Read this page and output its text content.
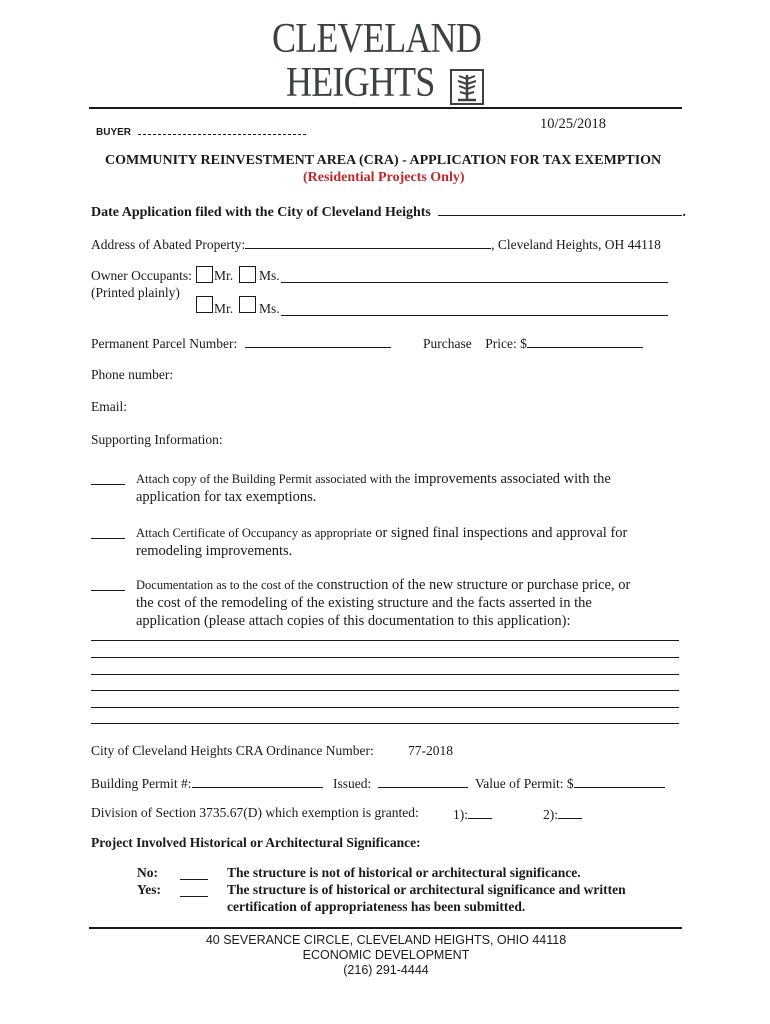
CLEVELAND
HEIGHTS
10/25/2018
BUYER
COMMUNITY REINVESTMENT AREA (CRA) - APPLICATION FOR TAX EXEMPTION
(Residential Projects Only)
Date Application filed with the City of Cleveland Heights	.
Address of Abated Property:	, Cleveland Heights, OH 44118
Owner Occupants:
(Printed plainly)
Mr. Ms.
Mr. Ms.
Permanent Parcel Number:	Purchase Price: $
Phone number:
Email:
Supporting Information:
Attach copy of the Building Permit associated with the improvements associated with the
application for tax exemptions.
Attach Certificate of Occupancy as appropriate or signed final inspections and approval for
remodeling improvements.
Documentation as to the cost of the construction of the new structure or purchase price, or
the cost of the remodeling of the existing structure and the facts asserted in the
application (please attach copies of this documentation to this application):
City of Cleveland Heights CRA Ordinance Number:	77-2018
Building Permit #:	Issued:	Value of Permit: $
Division of Section 3735.67(D) which exemption is granted:	1):	2):
Project Involved Historical or Architectural Significance:
No:	The structure is not of historical or architectural significance.
Yes:	The structure is of historical or architectural significance and written
certification of appropriateness has been submitted.
40 SEVERANCE CIRCLE, CLEVELAND HEIGHTS, OHIO 44118
ECONOMIC DEVELOPMENT
(216) 291-4444
